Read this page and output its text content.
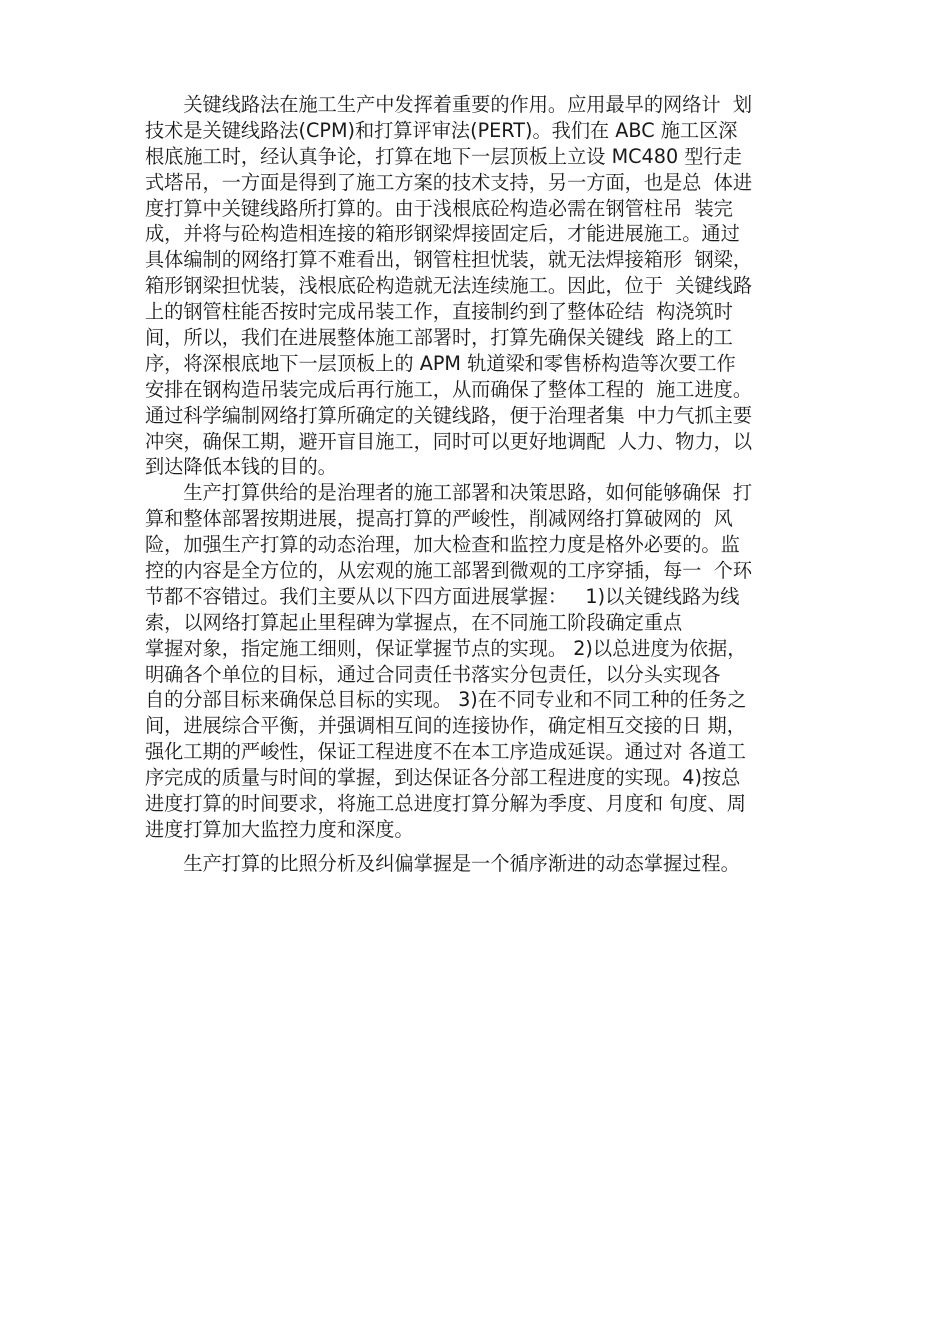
　　关键线路法在施工生产中发挥着重要的作用。应用最早的网络计  划
技术是关键线路法(CPM)和打算评审法(PERT)。我们在 ABC 施工区深
根底施工时，经认真争论，打算在地下一层顶板上立设 MC480 型行走
式塔吊，一方面是得到了施工方案的技术支持，另一方面，也是总  体进
度打算中关键线路所打算的。由于浅根底砼构造必需在钢管柱吊  装完
成，并将与砼构造相连接的箱形钢梁焊接固定后，才能进展施工。通过
具体编制的网络打算不难看出，钢管柱担忧装，就无法焊接箱形  钢梁，
箱形钢梁担忧装，浅根底砼构造就无法连续施工。因此，位于  关键线路
上的钢管柱能否按时完成吊装工作，直接制约到了整体砼结  构浇筑时
间，所以，我们在进展整体施工部署时，打算先确保关键线  路上的工
序，将深根底地下一层顶板上的 APM 轨道梁和零售桥构造等次要工作
安排在钢构造吊装完成后再行施工，从而确保了整体工程的  施工进度。
通过科学编制网络打算所确定的关键线路，便于治理者集  中力气抓主要
冲突，确保工期，避开盲目施工，同时可以更好地调配  人力、物力，以
到达降低本钱的目的。
　　生产打算供给的是治理者的施工部署和决策思路，如何能够确保  打
算和整体部署按期进展，提高打算的严峻性，削减网络打算破网的  风
险，加强生产打算的动态治理，加大检查和监控力度是格外必要的。监
控的内容是全方位的，从宏观的施工部署到微观的工序穿插，每一  个环
节都不容错过。我们主要从以下四方面进展掌握：   1)以关键线路为线
索，以网络打算起止里程碑为掌握点，在不同施工阶段确定重点
掌握对象，指定施工细则，保证掌握节点的实现。 2)以总进度为依据，
明确各个单位的目标，通过合同责任书落实分包责任，以分头实现各
自的分部目标来确保总目标的实现。 3)在不同专业和不同工种的任务之
间，进展综合平衡，并强调相互间的连接协作，确定相互交接的日 期，
强化工期的严峻性，保证工程进度不在本工序造成延误。通过对 各道工
序完成的质量与时间的掌握，到达保证各分部工程进度的实现。4)按总
进度打算的时间要求，将施工总进度打算分解为季度、月度和 旬度、周
进度打算加大监控力度和深度。
　　生产打算的比照分析及纠偏掌握是一个循序渐进的动态掌握过程。
